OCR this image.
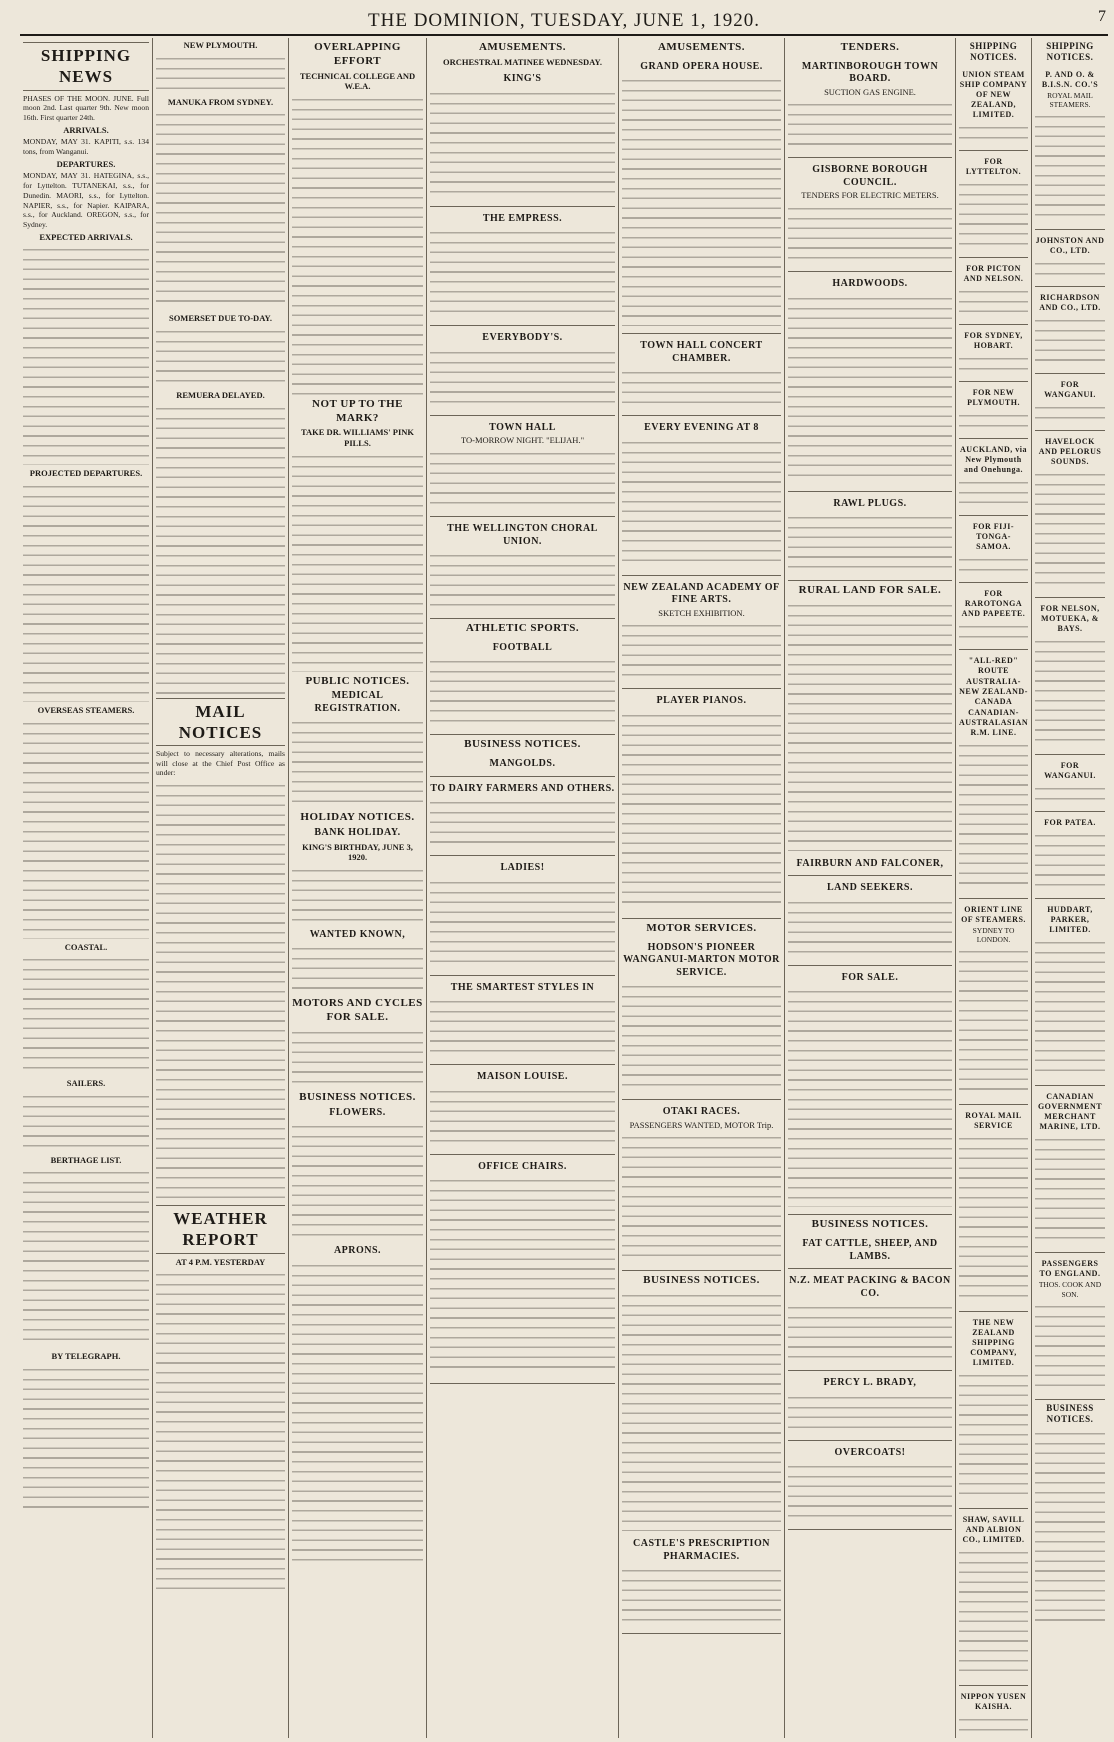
THE DOMINION, TUESDAY, JUNE 1, 1920.	7
SHIPPING NEWS
PHASES OF THE MOON. JUNE. Full moon 2nd. Last quarter 9th. New moon 16th. First quarter 24th.
ARRIVALS.
MONDAY, MAY 31. KAPITI, s.s. 134 tons, from Wanganui.
DEPARTURES.
MONDAY, MAY 31. HATEGINA, s.s., for Lyttelton. TUTANEKAI, s.s., for Dunedin. MAORI, s.s., for Lyttelton. NAPIER, s.s., for Napier. KAIPARA, s.s., for Auckland. OREGON, s.s., for Sydney.
EXPECTED ARRIVALS.
PROJECTED DEPARTURES.
OVERSEAS STEAMERS.
COASTAL.
SAILERS.
BERTHAGE LIST.
BY TELEGRAPH.
NEW PLYMOUTH.
MANUKA FROM SYDNEY.
SOMERSET DUE TO-DAY.
REMUERA DELAYED.
MAIL NOTICES
Subject to necessary alterations, mails will close at the Chief Post Office as under:
WEATHER REPORT
AT 4 P.M. YESTERDAY
OVERLAPPING EFFORT
TECHNICAL COLLEGE AND W.E.A.
NOT UP TO THE MARK?
TAKE DR. WILLIAMS' PINK PILLS.
PUBLIC NOTICES.
MEDICAL REGISTRATION.
HOLIDAY NOTICES.
BANK HOLIDAY.
KING'S BIRTHDAY, JUNE 3, 1920.
WANTED KNOWN,
MOTORS AND CYCLES FOR SALE.
BUSINESS NOTICES.
FLOWERS.
APRONS.
AMUSEMENTS.
ORCHESTRAL MATINEE WEDNESDAY.
KING'S
THE EMPRESS.
EVERYBODY'S.
TOWN HALL
TO-MORROW NIGHT. "ELIJAH."
THE WELLINGTON CHORAL UNION.
ATHLETIC SPORTS.
FOOTBALL
BUSINESS NOTICES.
MANGOLDS.
TO DAIRY FARMERS AND OTHERS.
LADIES!
THE SMARTEST STYLES IN
MAISON LOUISE.
OFFICE CHAIRS.
AMUSEMENTS.
GRAND OPERA HOUSE.
TOWN HALL CONCERT CHAMBER.
EVERY EVENING AT 8
NEW ZEALAND ACADEMY OF FINE ARTS.
SKETCH EXHIBITION.
PLAYER PIANOS.
MOTOR SERVICES.
HODSON'S PIONEER WANGANUI-MARTON MOTOR SERVICE.
OTAKI RACES.
PASSENGERS WANTED, MOTOR Trip.
BUSINESS NOTICES.
CASTLE'S PRESCRIPTION PHARMACIES.
TENDERS.
MARTINBOROUGH TOWN BOARD.
SUCTION GAS ENGINE.
GISBORNE BOROUGH COUNCIL.
TENDERS FOR ELECTRIC METERS.
HARDWOODS.
RAWL PLUGS.
RURAL LAND FOR SALE.
FAIRBURN AND FALCONER,
LAND SEEKERS.
FOR SALE.
BUSINESS NOTICES.
FAT CATTLE, SHEEP, AND LAMBS.
N.Z. MEAT PACKING & BACON CO.
PERCY L. BRADY,
OVERCOATS!
SHIPPING NOTICES.
UNION STEAM SHIP COMPANY OF NEW ZEALAND, LIMITED.
FOR LYTTELTON.
FOR PICTON AND NELSON.
FOR SYDNEY, HOBART.
FOR NEW PLYMOUTH.
AUCKLAND, via New Plymouth and Onehunga.
FOR FIJI-TONGA-SAMOA.
FOR RAROTONGA AND PAPEETE.
"ALL-RED" ROUTE
AUSTRALIA-NEW ZEALAND-CANADA
CANADIAN-AUSTRALASIAN R.M. LINE.
ORIENT LINE OF STEAMERS.
SYDNEY TO LONDON.
ROYAL MAIL SERVICE
THE NEW ZEALAND SHIPPING COMPANY, LIMITED.
SHAW, SAVILL AND ALBION CO., LIMITED.
NIPPON YUSEN KAISHA.
SHIPPING NOTICES.
P. AND O. & B.I.S.N. CO.'S
ROYAL MAIL STEAMERS.
JOHNSTON AND CO., LTD.
RICHARDSON AND CO., LTD.
FOR WANGANUI.
HAVELOCK AND PELORUS SOUNDS.
FOR NELSON, MOTUEKA, & BAYS.
FOR WANGANUI.
FOR PATEA.
HUDDART, PARKER, LIMITED.
CANADIAN GOVERNMENT MERCHANT MARINE, LTD.
PASSENGERS TO ENGLAND.
THOS. COOK AND SON.
BUSINESS NOTICES.
